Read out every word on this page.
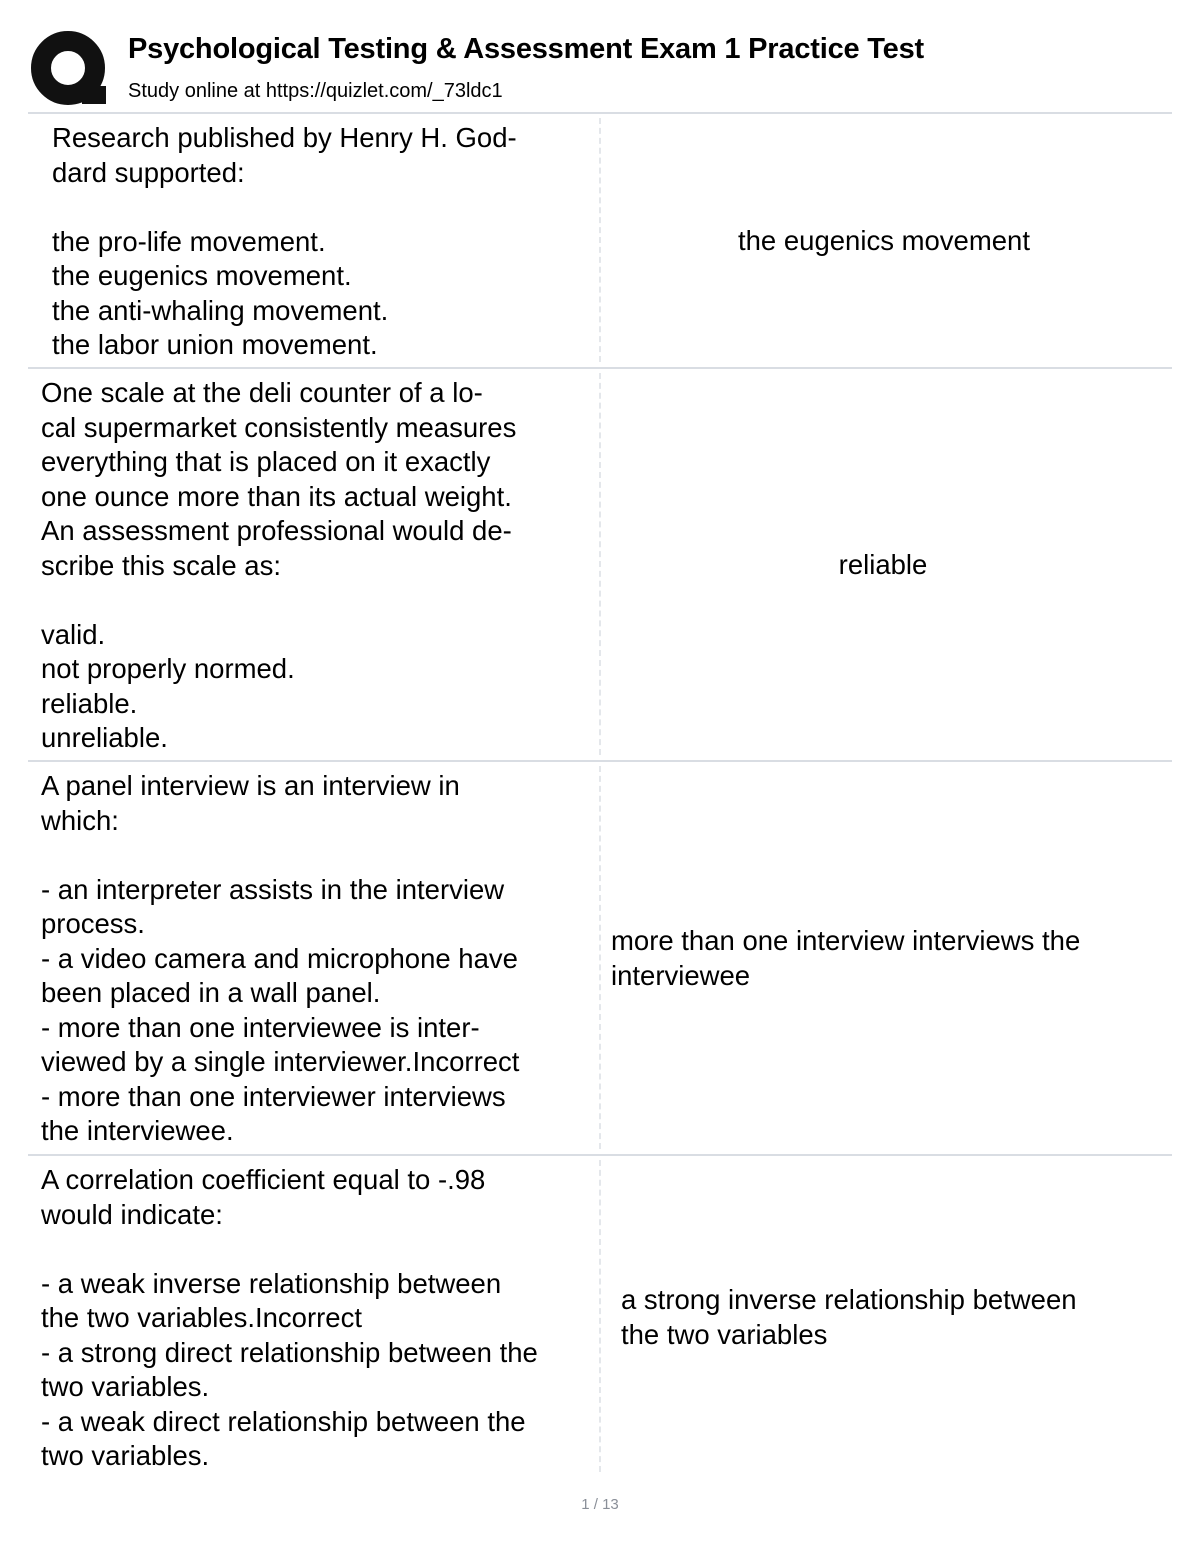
Psychological Testing & Assessment Exam 1 Practice Test
Study online at https://quizlet.com/_73ldc1

Research published by Henry H. God-
dard supported:

the pro-life movement.
the eugenics movement.
the anti-whaling movement.
the labor union movement.

the eugenics movement

One scale at the deli counter of a lo-
cal supermarket consistently measures
everything that is placed on it exactly
one ounce more than its actual weight.
An assessment professional would de-
scribe this scale as:

valid.
not properly normed.
reliable.
unreliable.

reliable

A panel interview is an interview in
which:

- an interpreter assists in the interview
process.
- a video camera and microphone have
been placed in a wall panel.
- more than one interviewee is inter-
viewed by a single interviewer.Incorrect
- more than one interviewer interviews
the interviewee.

more than one interview interviews the
interviewee

A correlation coefficient equal to -.98
would indicate:

- a weak inverse relationship between
the two variables.Incorrect
- a strong direct relationship between the
two variables.
- a weak direct relationship between the
two variables.

a strong inverse relationship between
the two variables

1 / 13
